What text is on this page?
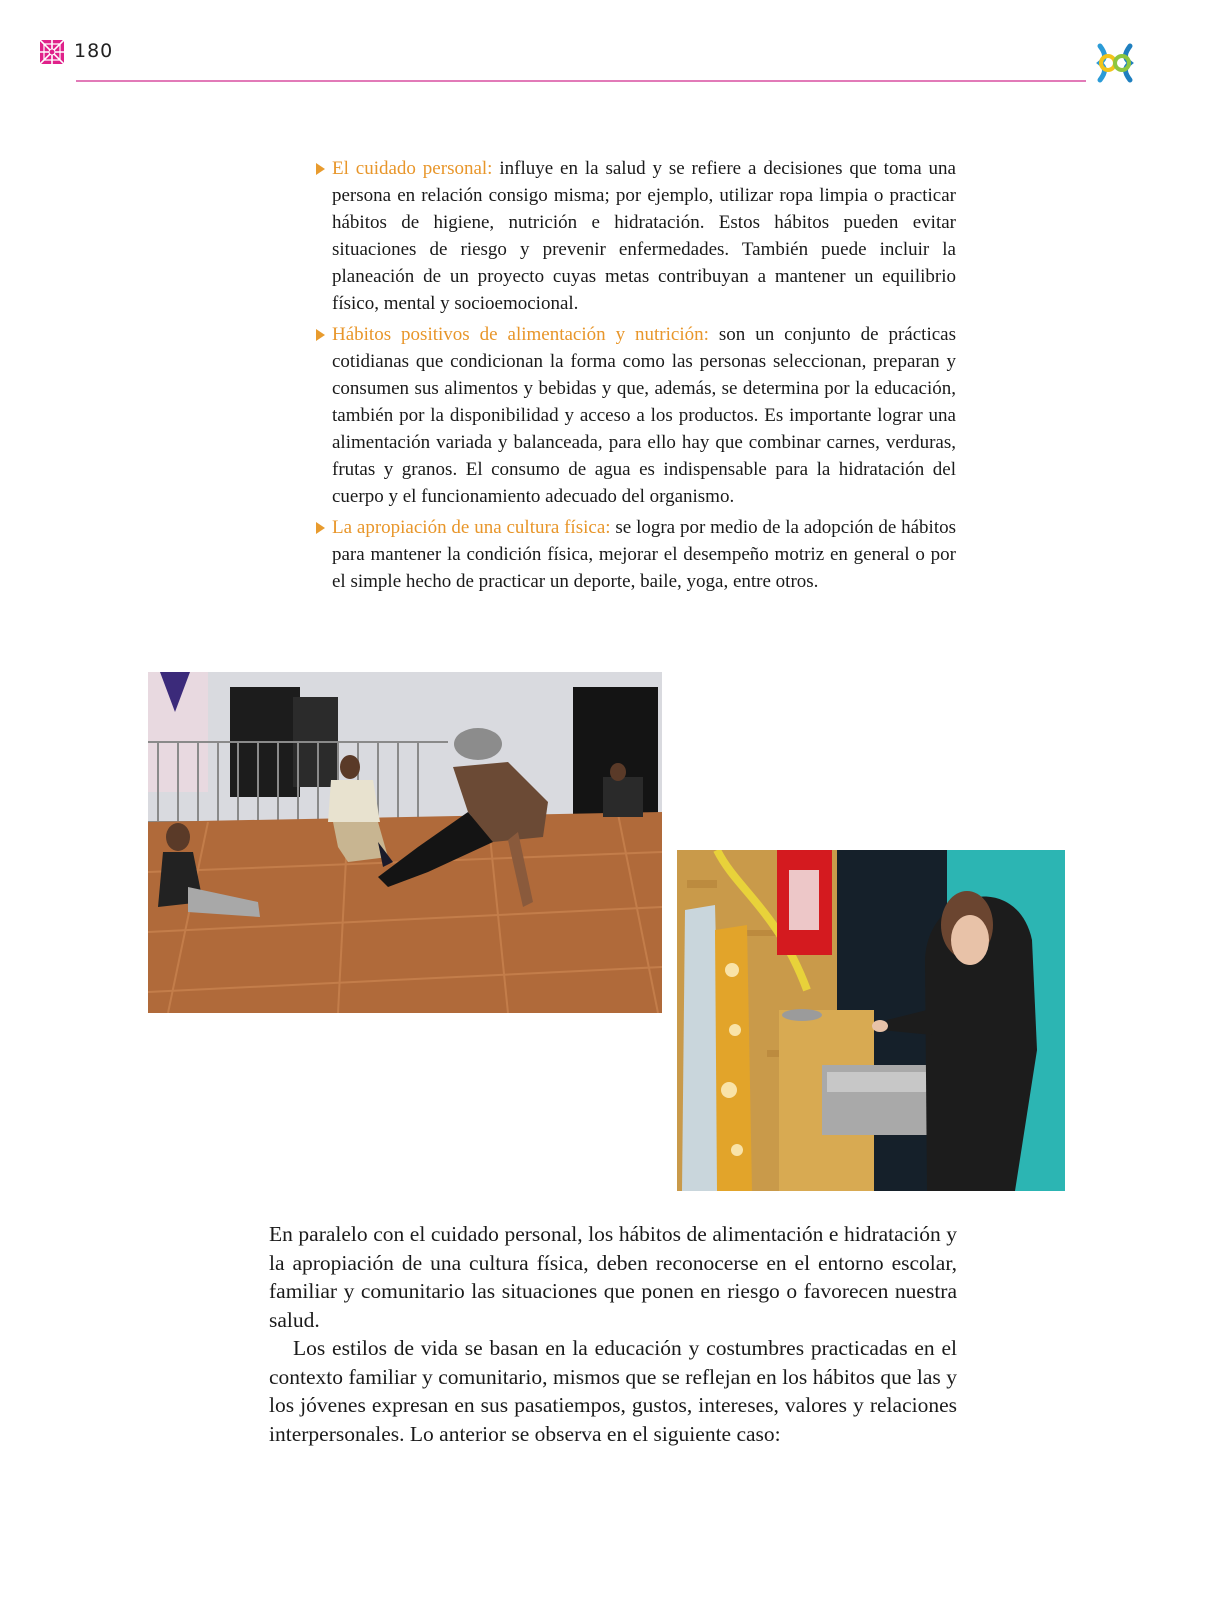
180
El cuidado personal: influye en la salud y se refiere a decisiones que toma una persona en relación consigo misma; por ejemplo, utilizar ropa limpia o practicar hábitos de higiene, nutrición e hidratación. Estos hábitos pueden evitar situaciones de riesgo y prevenir enfermedades. También puede incluir la planeación de un proyecto cuyas metas contribuyan a mantener un equilibrio físico, mental y socioemocional.
Hábitos positivos de alimentación y nutrición: son un conjunto de prácticas cotidianas que condicionan la forma como las personas seleccionan, preparan y consumen sus alimentos y bebidas y que, además, se determina por la educación, también por la disponibilidad y acceso a los productos. Es importante lograr una alimentación variada y balanceada, para ello hay que combinar carnes, verduras, frutas y granos. El consumo de agua es indispensable para la hidratación del cuerpo y el funcionamiento adecuado del organismo.
La apropiación de una cultura física: se logra por medio de la adopción de hábitos para mantener la condición física, mejorar el desempeño motriz en general o por el simple hecho de practicar un deporte, baile, yoga, entre otros.

En paralelo con el cuidado personal, los hábitos de alimentación e hidratación y la apropiación de una cultura física, deben reconocerse en el entorno escolar, familiar y comunitario las situaciones que ponen en riesgo o favorecen nuestra salud.

Los estilos de vida se basan en la educación y costumbres practicadas en el contexto familiar y comunitario, mismos que se reflejan en los hábitos que las y los jóvenes expresan en sus pasatiempos, gustos, intereses, valores y relaciones interpersonales. Lo anterior se observa en el siguiente caso:
